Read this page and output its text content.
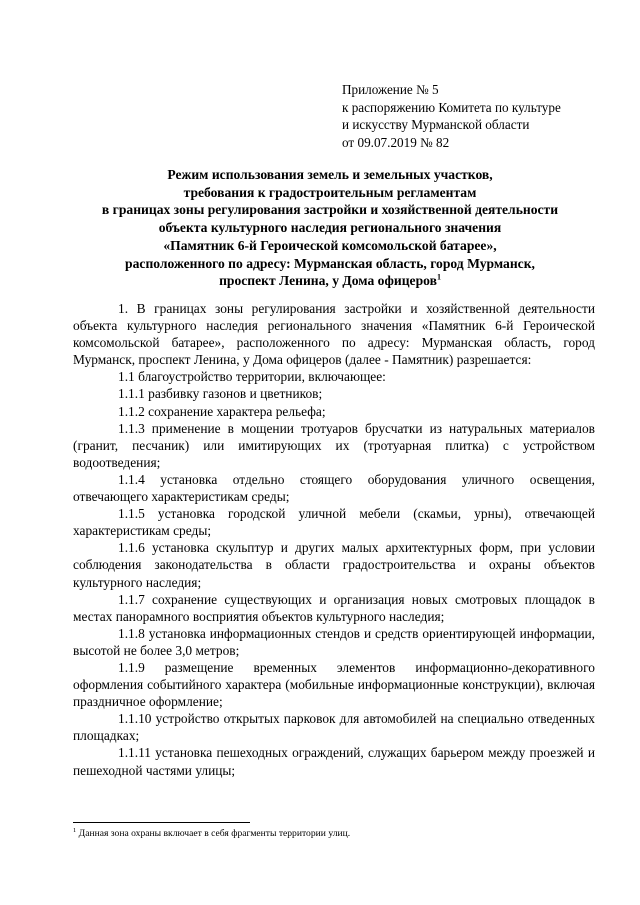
Приложение № 5
к распоряжению Комитета по культуре
и искусству Мурманской области
от 09.07.2019 № 82
Режим использования земель и земельных участков,
требования к градостроительным регламентам
в границах зоны регулирования застройки и хозяйственной деятельности
объекта культурного наследия регионального значения
«Памятник 6-й Героической комсомольской батарее»,
расположенного по адресу: Мурманская область, город Мурманск,
проспект Ленина, у Дома офицеров$^1$

1. В границах зоны регулирования застройки и хозяйственной деятельности объекта культурного наследия регионального значения «Памятник 6-й Героической комсомольской батарее», расположенного по адресу: Мурманская область, город Мурманск, проспект Ленина, у Дома офицеров (далее - Памятник) разрешается:

1.1 благоустройство территории, включающее:

1.1.1 разбивку газонов и цветников;

1.1.2 сохранение характера рельефа;

1.1.3 применение в мощении тротуаров брусчатки из натуральных материалов (гранит, песчаник) или имитирующих их (тротуарная плитка) с устройством водоотведения;

1.1.4 установка отдельно стоящего оборудования уличного освещения, отвечающего характеристикам среды;

1.1.5 установка городской уличной мебели (скамьи, урны), отвечающей характеристикам среды;

1.1.6 установка скульптур и других малых архитектурных форм, при условии соблюдения законодательства в области градостроительства и охраны объектов культурного наследия;

1.1.7 сохранение существующих и организация новых смотровых площадок в местах панорамного восприятия объектов культурного наследия;

1.1.8 установка информационных стендов и средств ориентирующей информации, высотой не более 3,0 метров;

1.1.9 размещение временных элементов информационно-декоративного оформления событийного характера (мобильные информационные конструкции), включая праздничное оформление;

1.1.10 устройство открытых парковок для автомобилей на специально отведенных площадках;

1.1.11 установка пешеходных ограждений, служащих барьером между проезжей и пешеходной частями улицы;

$^1$ Данная зона охраны включает в себя фрагменты территории улиц.
